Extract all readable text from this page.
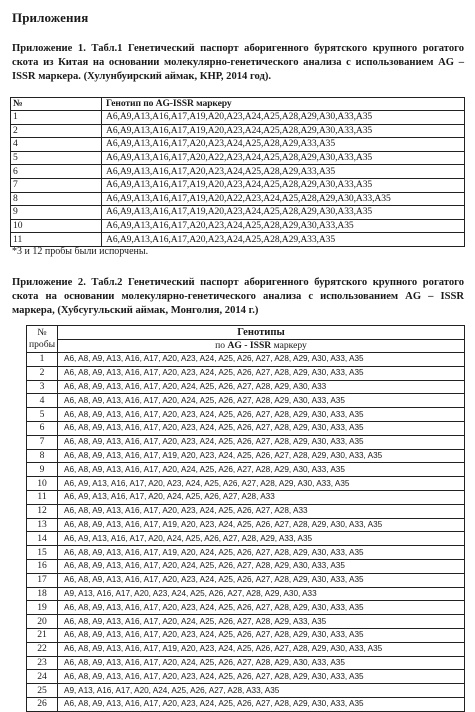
Приложения
Приложение 1. Табл.1 Генетический паспорт аборигенного бурятского крупного рогатого скота из Китая на основании молекулярно-генетического анализа с использованием AG – ISSR маркера. (Хулунбуирский аймак, КНР, 2014 год).
№	Генотип по AG-ISSR маркеру
1	A6,A9,A13,A16,A17,A19,A20,A23,A24,A25,A28,A29,A30,A33,A35
2	A6,A9,A13,A16,A17,A19,A20,A23,A24,A25,A28,A29,A30,A33,A35
4	A6,A9,A13,A16,A17,A20,A23,A24,A25,A28,A29,A33,A35
5	A6,A9,A13,A16,A17,A20,A22,A23,A24,A25,A28,A29,A30,A33,A35
6	A6,A9,A13,A16,A17,A20,A23,A24,A25,A28,A29,A33,A35
7	A6,A9,A13,A16,A17,A19,A20,A23,A24,A25,A28,A29,A30,A33,A35
8	A6,A9,A13,A16,A17,A19,A20,A22,A23,A24,A25,A28,A29,A30,A33,A35
9	A6,A9,A13,A16,A17,A19,A20,A23,A24,A25,A28,A29,A30,A33,A35
10	A6,A9,A13,A16,A17,A20,A23,A24,A25,A28,A29,A30,A33,A35
11	A6,A9,A13,A16,A17,A20,A23,A24,A25,A28,A29,A33,A35
*3 и 12 пробы были испорчены.
Приложение 2. Табл.2 Генетический паспорт аборигенного бурятского крупного рогатого скота на основании молекулярно-генетического анализа с использованием AG – ISSR маркера, (Хубсугульский аймак, Монголия, 2014 г.)
№
пробы	Генотипы
	по AG - ISSR маркеру
1	A6, A8, A9, A13, A16, A17, A20, A23, A24, A25, A26, A27, A28, A29, A30, A33, A35
2	A6, A8, A9, A13, A16, A17, A20, A23, A24, A25, A26, A27, A28, A29, A30, A33, A35
3	A6, A8, A9, A13, A16, A17, A20, A24, A25, A26, A27, A28, A29, A30, A33
4	A6, A8, A9, A13, A16, A17, A20, A24, A25, A26, A27, A28, A29, A30, A33, A35
5	A6, A8, A9, A13, A16, A17, A20, A23, A24, A25, A26, A27, A28, A29, A30, A33, A35
6	A6, A8, A9, A13, A16, A17, A20, A23, A24, A25, A26, A27, A28, A29, A30, A33, A35
7	A6, A8, A9, A13, A16, A17, A20, A23, A24, A25, A26, A27, A28, A29, A30, A33, A35
8	A6, A8, A9, A13, A16, A17, A19, A20, A23, A24, A25, A26, A27, A28, A29, A30, A33, A35
9	A6, A8, A9, A13, A16, A17, A20, A24, A25, A26, A27, A28, A29, A30, A33, A35
10	A6, A9, A13, A16, A17, A20, A23, A24, A25, A26, A27, A28, A29, A30, A33, A35
11	A6, A9, A13, A16, A17, A20, A24, A25, A26, A27, A28, A33
12	A6, A8, A9, A13, A16, A17, A20, A23, A24, A25, A26, A27, A28, A33
13	A6, A8, A9, A13, A16, A17, A19, A20, A23, A24, A25, A26, A27, A28, A29, A30, A33, A35
14	A6, A9, A13, A16, A17, A20, A24, A25, A26, A27, A28, A29, A33, A35
15	A6, A8, A9, A13, A16, A17, A19, A20, A24, A25, A26, A27, A28, A29, A30, A33, A35
16	A6, A8, A9, A13, A16, A17, A20, A24, A25, A26, A27, A28, A29, A30, A33, A35
17	A6, A8, A9, A13, A16, A17, A20, A23, A24, A25, A26, A27, A28, A29, A30, A33, A35
18	A9, A13, A16, A17, A20, A23, A24, A25, A26, A27, A28, A29, A30, A33
19	A6, A8, A9, A13, A16, A17, A20, A23, A24, A25, A26, A27, A28, A29, A30, A33, A35
20	A6, A8, A9, A13, A16, A17, A20, A24, A25, A26, A27, A28, A29, A33, A35
21	A6, A8, A9, A13, A16, A17, A20, A23, A24, A25, A26, A27, A28, A29, A30, A33, A35
22	A6, A8, A9, A13, A16, A17, A19, A20, A23, A24, A25, A26, A27, A28, A29, A30, A33, A35
23	A6, A8, A9, A13, A16, A17, A20, A24, A25, A26, A27, A28, A29, A30, A33, A35
24	A6, A8, A9, A13, A16, A17, A20, A23, A24, A25, A26, A27, A28, A29, A30, A33, A35
25	A9, A13, A16, A17, A20, A24, A25, A26, A27, A28, A33, A35
26	A6, A8, A9, A13, A16, A17, A20, A23, A24, A25, A26, A27, A28, A29, A30, A33, A35
